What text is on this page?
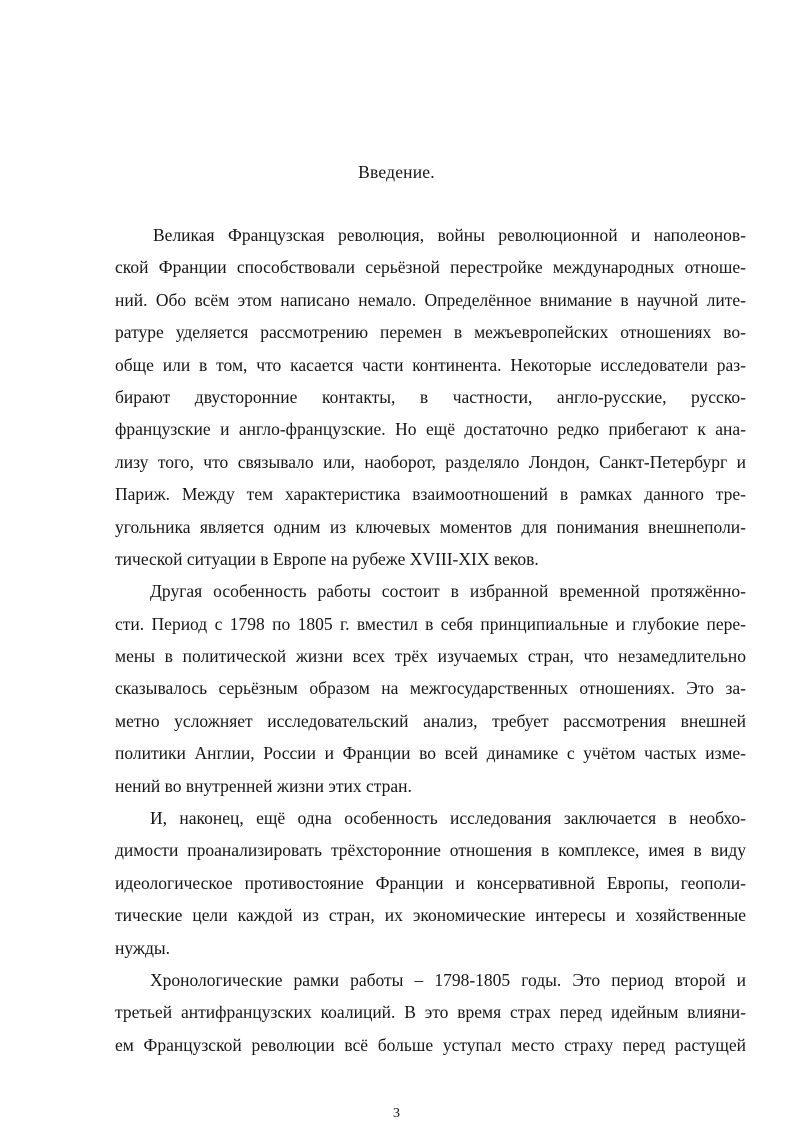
Введение.
Великая Французская революция, войны революционной и наполеонов-
ской Франции способствовали серьёзной перестройке международных отноше-
ний. Обо всём этом написано немало. Определённое внимание в научной лите-
ратуре уделяется рассмотрению перемен в межъевропейских отношениях во-
обще или в том, что касается части континента. Некоторые исследователи раз-
бирают двусторонние контакты, в частности, англо-русские, русско-
французские и англо-французские. Но ещё достаточно редко прибегают к ана-
лизу того, что связывало или, наоборот, разделяло Лондон, Санкт-Петербург и
Париж. Между тем характеристика взаимоотношений в рамках данного тре-
угольника является одним из ключевых моментов для понимания внешнеполи-
тической ситуации в Европе на рубеже XVIII-XIX веков.
Другая особенность работы состоит в избранной временной протяжённо-
сти. Период с 1798 по 1805 г. вместил в себя принципиальные и глубокие пере-
мены в политической жизни всех трёх изучаемых стран, что незамедлительно
сказывалось серьёзным образом на межгосударственных отношениях. Это за-
метно усложняет исследовательский анализ, требует рассмотрения внешней
политики Англии, России и Франции во всей динамике с учётом частых изме-
нений во внутренней жизни этих стран.
И, наконец, ещё одна особенность исследования заключается в необхо-
димости проанализировать трёхсторонние отношения в комплексе, имея в виду
идеологическое противостояние Франции и консервативной Европы, геополи-
тические цели каждой из стран, их экономические интересы и хозяйственные
нужды.
Хронологические рамки работы – 1798-1805 годы. Это период второй и
третьей антифранцузских коалиций. В это время страх перед идейным влияни-
ем Французской революции всё больше уступал место страху перед растущей
3
